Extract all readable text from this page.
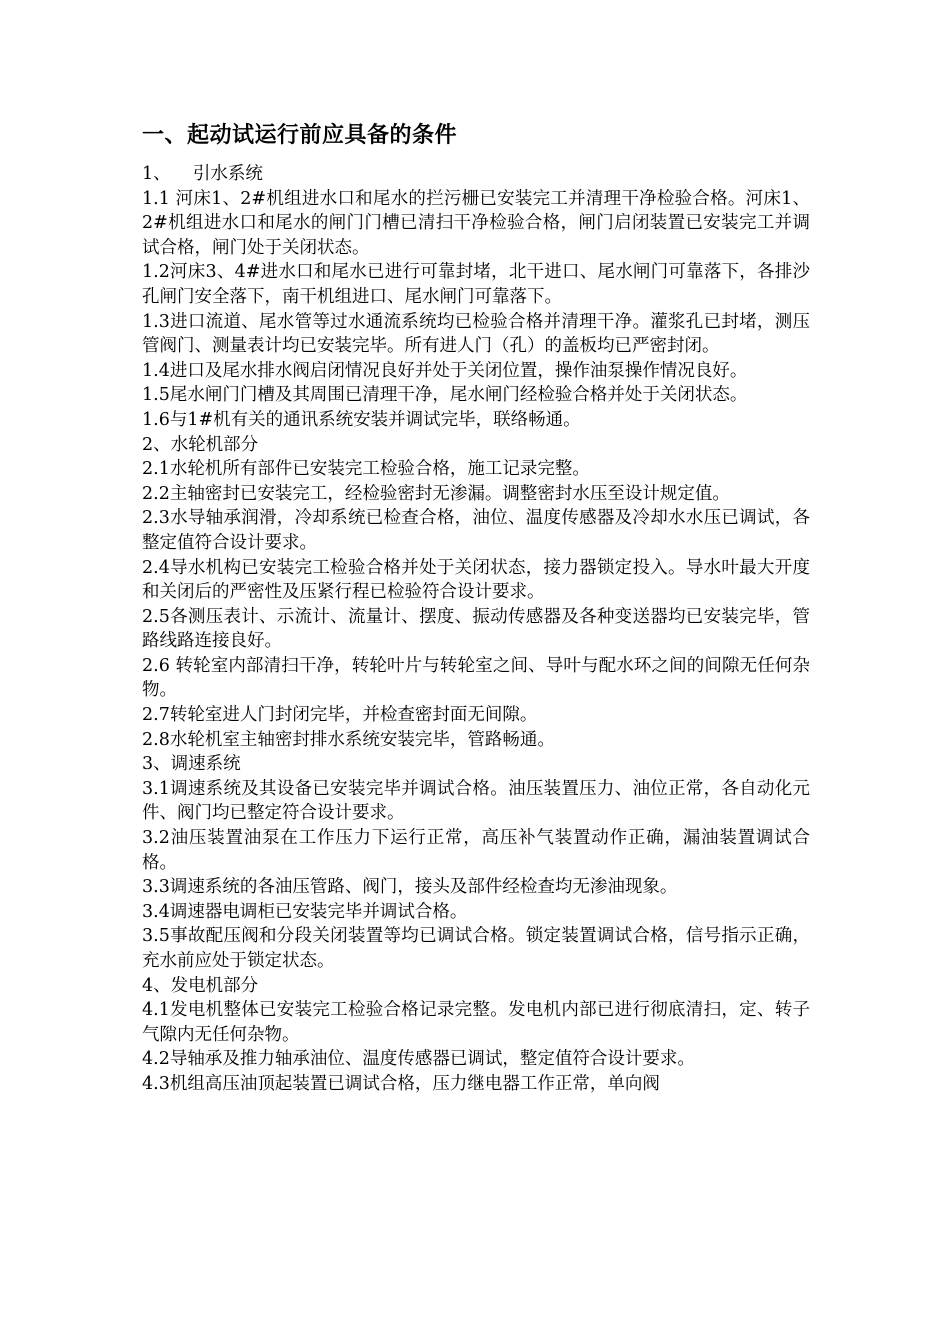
一、起动试运行前应具备的条件

1、    引水系统

1.1 河床1、2#机组进水口和尾水的拦污栅已安装完工并清理干净检验合格。河床1、2#机组进水口和尾水的闸门门槽已清扫干净检验合格，闸门启闭装置已安装完工并调试合格，闸门处于关闭状态。

1.2河床3、4#进水口和尾水已进行可靠封堵，北干进口、尾水闸门可靠落下，各排沙孔闸门安全落下，南干机组进口、尾水闸门可靠落下。

1.3进口流道、尾水管等过水通流系统均已检验合格并清理干净。灌浆孔已封堵，测压管阀门、测量表计均已安装完毕。所有进人门（孔）的盖板均已严密封闭。

1.4进口及尾水排水阀启闭情况良好并处于关闭位置，操作油泵操作情况良好。

1.5尾水闸门门槽及其周围已清理干净，尾水闸门经检验合格并处于关闭状态。

1.6与1#机有关的通讯系统安装并调试完毕，联络畅通。

2、水轮机部分

2.1水轮机所有部件已安装完工检验合格，施工记录完整。

2.2主轴密封已安装完工，经检验密封无渗漏。调整密封水压至设计规定值。

2.3水导轴承润滑，冷却系统已检查合格，油位、温度传感器及冷却水水压已调试，各整定值符合设计要求。

2.4导水机构已安装完工检验合格并处于关闭状态，接力器锁定投入。导水叶最大开度和关闭后的严密性及压紧行程已检验符合设计要求。

2.5各测压表计、示流计、流量计、摆度、振动传感器及各种变送器均已安装完毕，管路线路连接良好。

2.6 转轮室内部清扫干净，转轮叶片与转轮室之间、导叶与配水环之间的间隙无任何杂物。

2.7转轮室进人门封闭完毕，并检查密封面无间隙。

2.8水轮机室主轴密封排水系统安装完毕，管路畅通。

3、调速系统

3.1调速系统及其设备已安装完毕并调试合格。油压装置压力、油位正常，各自动化元件、阀门均已整定符合设计要求。

3.2油压装置油泵在工作压力下运行正常，高压补气装置动作正确，漏油装置调试合格。

3.3调速系统的各油压管路、阀门，接头及部件经检查均无渗油现象。

3.4调速器电调柜已安装完毕并调试合格。

3.5事故配压阀和分段关闭装置等均已调试合格。锁定装置调试合格，信号指示正确，充水前应处于锁定状态。

4、发电机部分

4.1发电机整体已安装完工检验合格记录完整。发电机内部已进行彻底清扫，定、转子气隙内无任何杂物。

4.2导轴承及推力轴承油位、温度传感器已调试，整定值符合设计要求。

4.3机组高压油顶起装置已调试合格，压力继电器工作正常，单向阀
